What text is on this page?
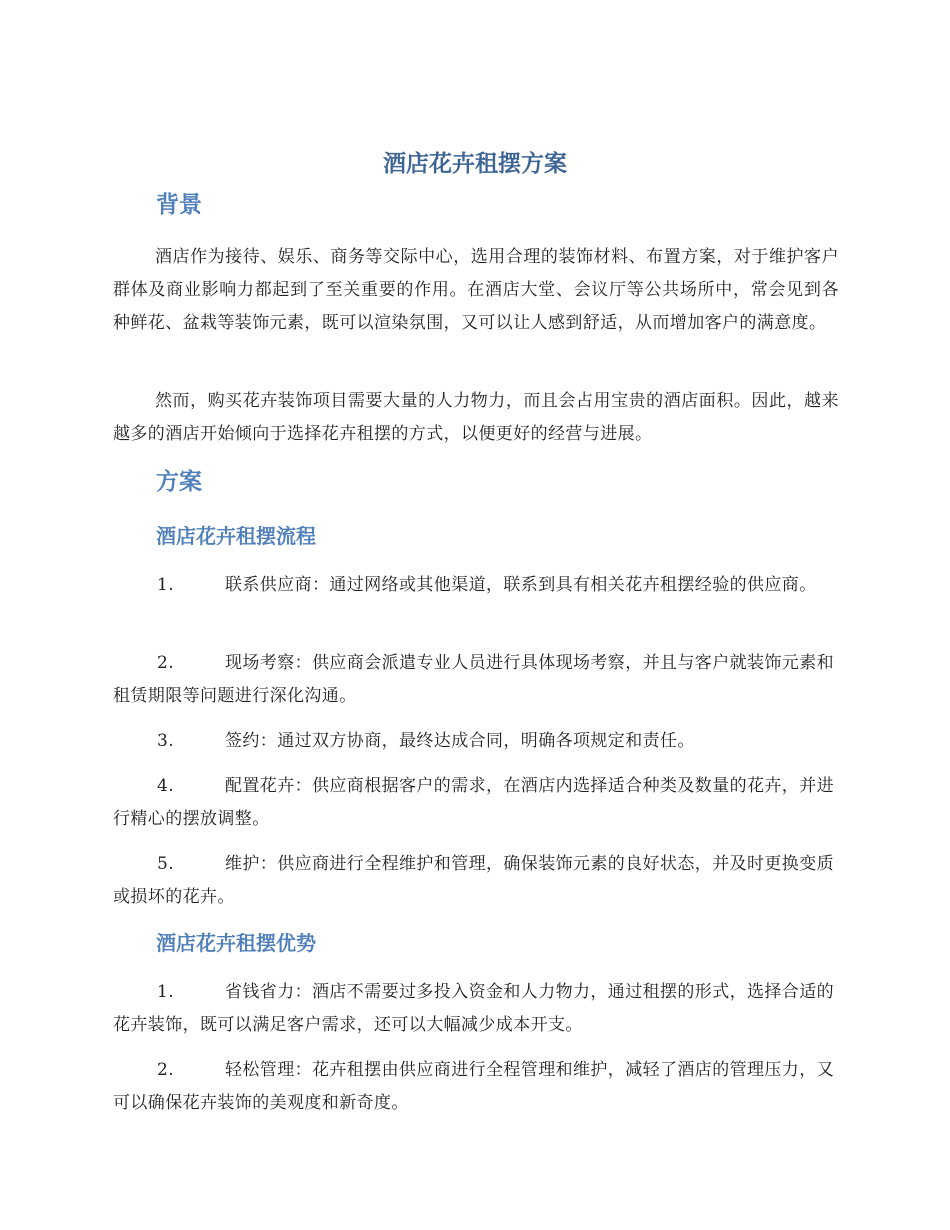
酒店花卉租摆方案
背景

酒店作为接待、娱乐、商务等交际中心，选用合理的装饰材料、布置方案，对于维护客户群体及商业影响力都起到了至关重要的作用。在酒店大堂、会议厅等公共场所中，常会见到各种鲜花、盆栽等装饰元素，既可以渲染氛围，又可以让人感到舒适，从而增加客户的满意度。

然而，购买花卉装饰项目需要大量的人力物力，而且会占用宝贵的酒店面积。因此，越来越多的酒店开始倾向于选择花卉租摆的方式，以便更好的经营与进展。

方案
酒店花卉租摆流程

1.	联系供应商：通过网络或其他渠道，联系到具有相关花卉租摆经验的供应商。

2.	现场考察：供应商会派遣专业人员进行具体现场考察，并且与客户就装饰元素和租赁期限等问题进行深化沟通。

3.	签约：通过双方协商，最终达成合同，明确各项规定和责任。

4.	配置花卉：供应商根据客户的需求，在酒店内选择适合种类及数量的花卉，并进行精心的摆放调整。

5.	维护：供应商进行全程维护和管理，确保装饰元素的良好状态，并及时更换变质或损坏的花卉。

酒店花卉租摆优势

1.	省钱省力：酒店不需要过多投入资金和人力物力，通过租摆的形式，选择合适的花卉装饰，既可以满足客户需求，还可以大幅减少成本开支。

2.	轻松管理：花卉租摆由供应商进行全程管理和维护，减轻了酒店的管理压力，又可以确保花卉装饰的美观度和新奇度。
